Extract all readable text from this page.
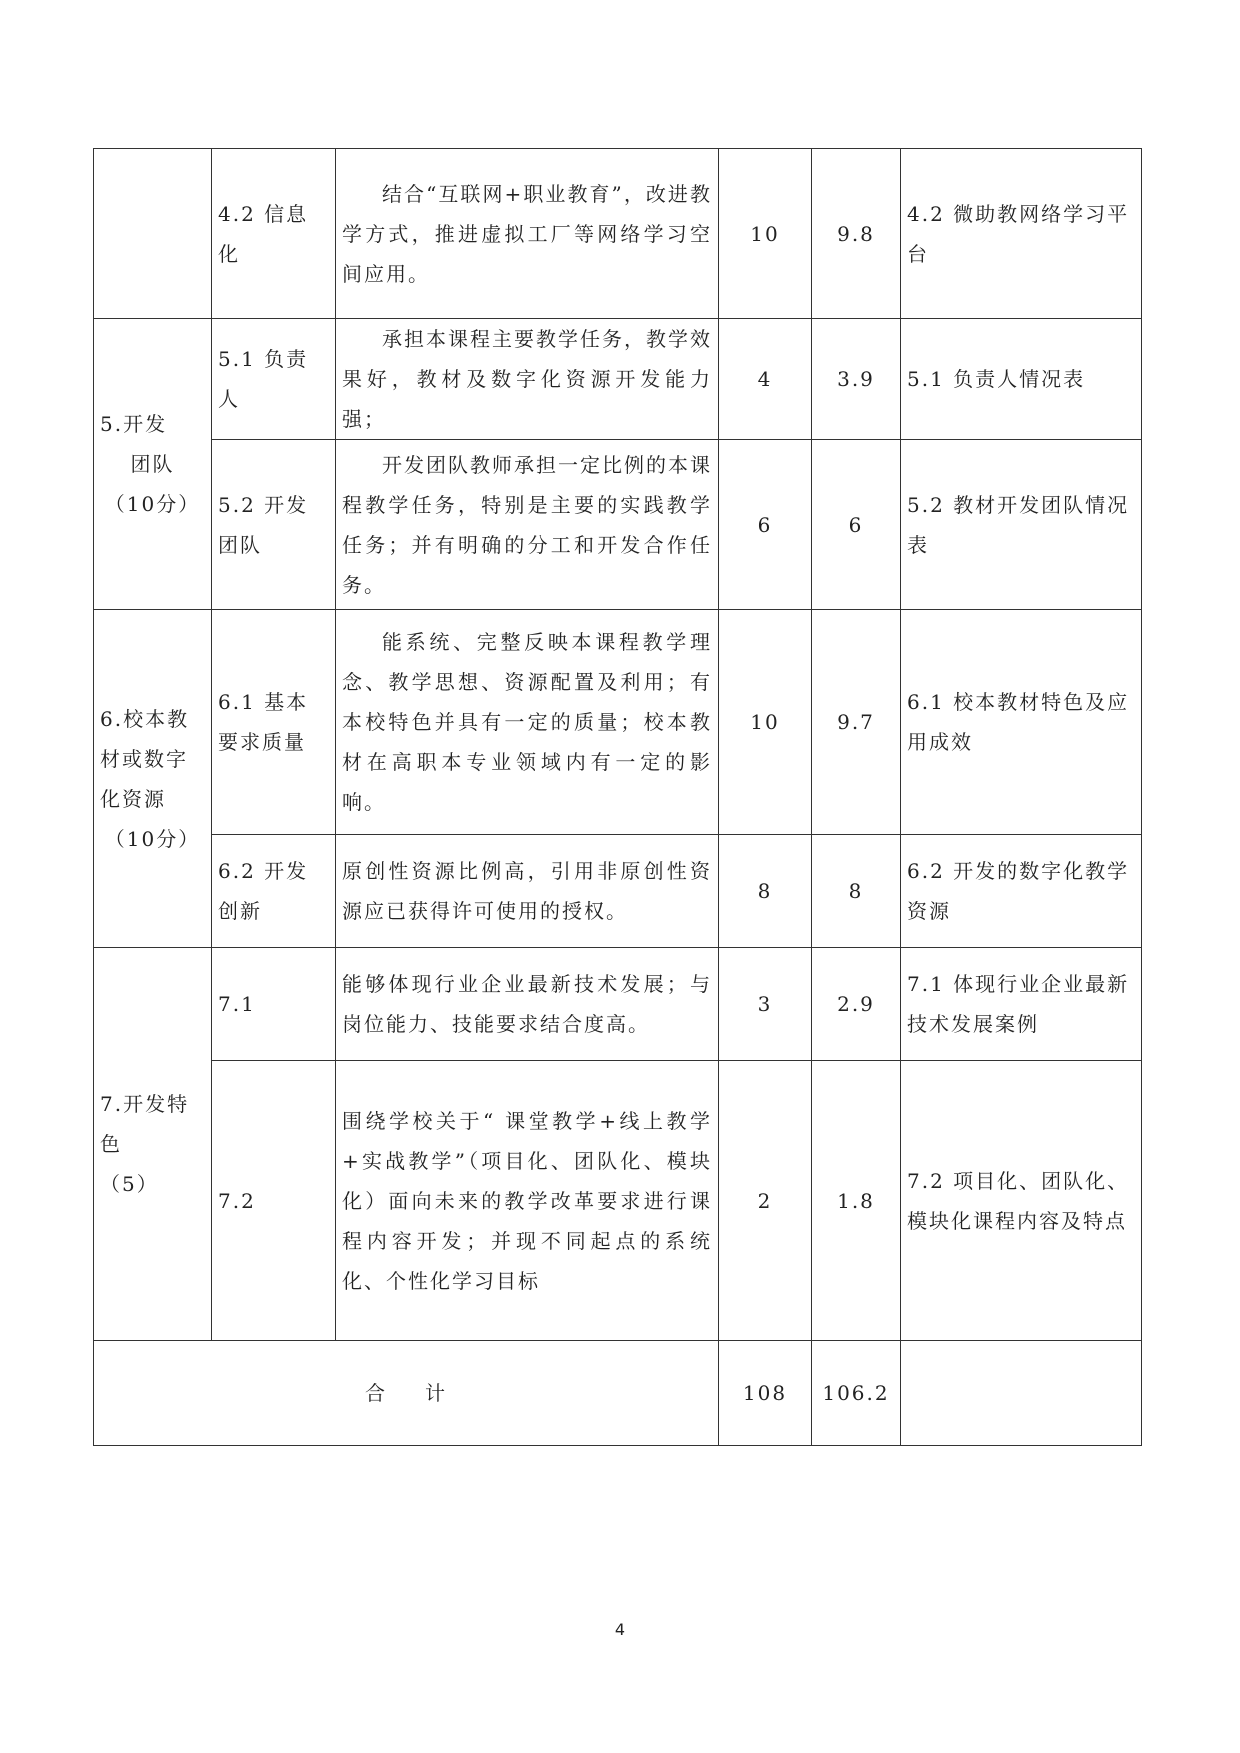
	4.2 信息化	结合“互联网+职业教育”，改进教学方式，推进虚拟工厂等网络学习空间应用。	10	9.8	4.2 微助教网络学习平台
5.开发

团队
（10分）	5.1 负责人	承担本课程主要教学任务，教学效果好，教材及数字化资源开发能力强；	4	3.9	5.1 负责人情况表
	5.2 开发团队	开发团队教师承担一定比例的本课程教学任务，特别是主要的实践教学任务；并有明确的分工和开发合作任务。	6	6	5.2 教材开发团队情况表
6.校本教材或数字化资源
（10分）	6.1 基本要求质量	能系统、完整反映本课程教学理念、教学思想、资源配置及利用；有本校特色并具有一定的质量；校本教材在高职本专业领域内有一定的影响。	10	9.7	6.1 校本教材特色及应用成效
	6.2 开发创新	原创性资源比例高，引用非原创性资源应已获得许可使用的授权。	8	8	6.2 开发的数字化教学资源
7.开发特色
（5）	7.1	能够体现行业企业最新技术发展；与岗位能力、技能要求结合度高。	3	2.9	7.1 体现行业企业最新技术发展案例
	7.2	围绕学校关于“ 课堂教学+线上教学+实战教学”（项目化、团队化、模块化）面向未来的教学改革要求进行课程内容开发；并现不同起点的系统化、个性化学习目标	2	1.8	7.2 项目化、团队化、模块化课程内容及特点
合 计			108	106.2	
4
